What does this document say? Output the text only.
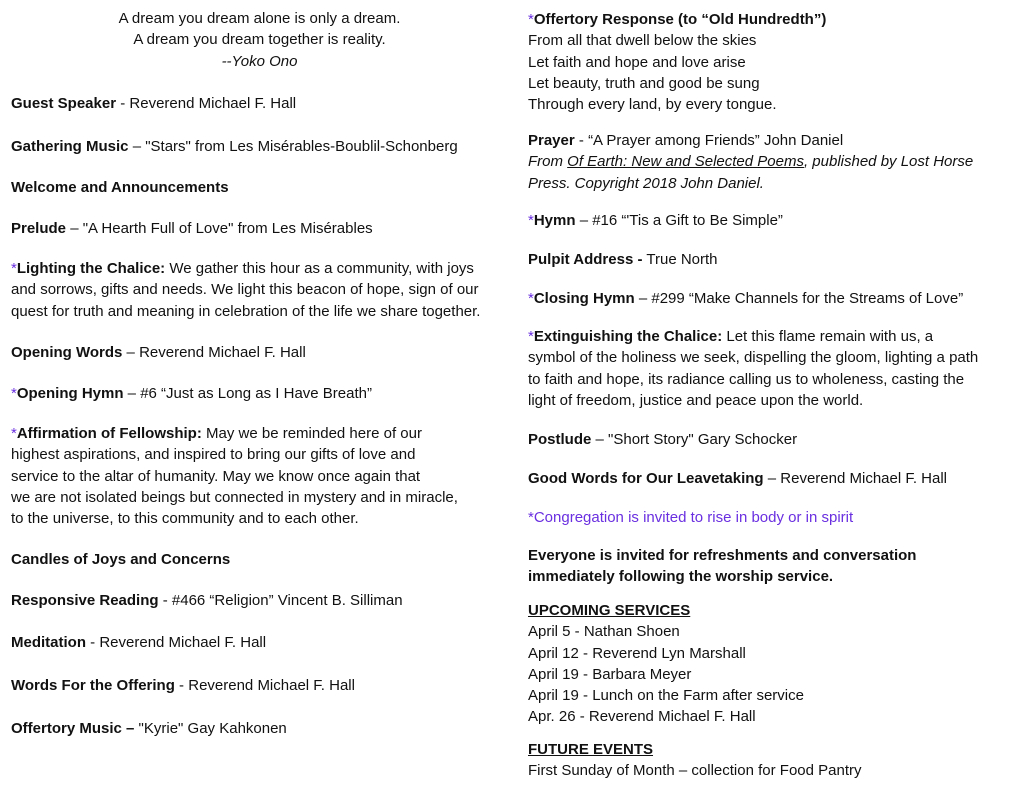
A dream you dream alone is only a dream.
A dream you dream together is reality.
--Yoko Ono
Guest Speaker - Reverend Michael F. Hall
Gathering Music – "Stars" from Les Misérables-Boublil-Schonberg
Welcome and Announcements
Prelude – "A Hearth Full of Love" from Les Misérables
*Lighting the Chalice: We gather this hour as a community, with joys
and sorrows, gifts and needs. We light this beacon of hope, sign of our
quest for truth and meaning in celebration of the life we share together.
Opening Words – Reverend Michael F. Hall
*Opening Hymn – #6 “Just as Long as I Have Breath”
*Affirmation of Fellowship: May we be reminded here of our
highest aspirations, and inspired to bring our gifts of love and
service to the altar of humanity. May we know once again that
we are not isolated beings but connected in mystery and in miracle,
to the universe, to this community and to each other.
Candles of Joys and Concerns
Responsive Reading - #466 “Religion” Vincent B. Silliman
Meditation - Reverend Michael F. Hall
Words For the Offering - Reverend Michael F. Hall
Offertory Music – "Kyrie" Gay Kahkonen
*Offertory Response (to “Old Hundredth”)
From all that dwell below the skies
Let faith and hope and love arise
Let beauty, truth and good be sung
Through every land, by every tongue.
Prayer - “A Prayer among Friends” John Daniel
From Of Earth: New and Selected Poems, published by Lost Horse
Press. Copyright 2018 John Daniel.
*Hymn – #16 “'Tis a Gift to Be Simple”
Pulpit Address - True North
*Closing Hymn – #299 “Make Channels for the Streams of Love”
*Extinguishing the Chalice: Let this flame remain with us, a
symbol of the holiness we seek, dispelling the gloom, lighting a path
to faith and hope, its radiance calling us to wholeness, casting the
light of freedom, justice and peace upon the world.
Postlude – "Short Story" Gary Schocker
Good Words for Our Leavetaking – Reverend Michael F. Hall
*Congregation is invited to rise in body or in spirit
Everyone is invited for refreshments and conversation
immediately following the worship service.
UPCOMING SERVICES
April 5 - Nathan Shoen
April 12 - Reverend Lyn Marshall
April 19 - Barbara Meyer
April 19 - Lunch on the Farm after service
Apr. 26 - Reverend Michael F. Hall
FUTURE EVENTS
First Sunday of Month – collection for Food Pantry
